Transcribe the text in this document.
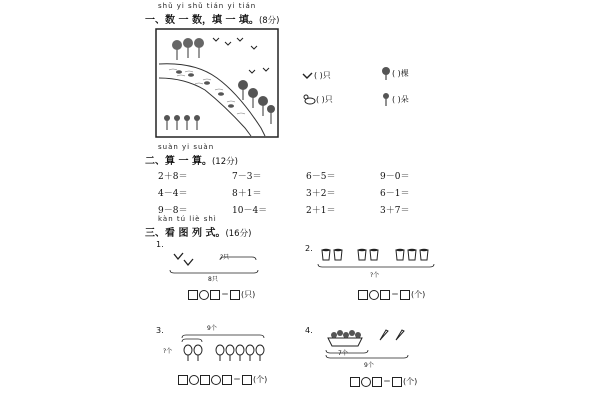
shǔ yi shǔ tián yi tián
一、数 一 数，填 一 填。(8分)
( )只	( )棵
( )只	( )朵
suàn yi suàn
二、算 一 算。(12分)
2＋8＝	7－3＝	6－5＝	9－0＝
4－4＝	8＋1＝	3＋2＝	6－1＝
9－8＝	10－4＝	2＋1＝	3＋7＝
kàn tú liè shì
三、看 图 列 式。(16分)
1.
?只
8只
＝ (只)
2.
?个
＝ (个)
3.	9个
?个
＝ (个)
4.
7个
9个
＝ (个)
